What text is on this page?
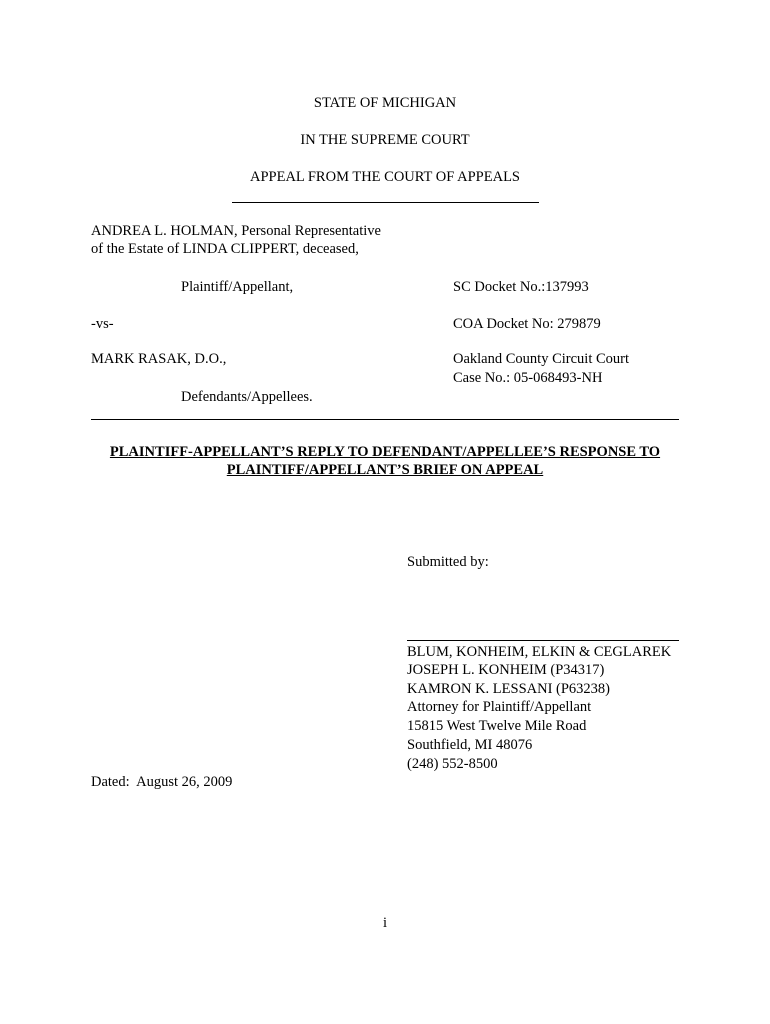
STATE OF MICHIGAN
IN THE SUPREME COURT
APPEAL FROM THE COURT OF APPEALS
ANDREA L. HOLMAN, Personal Representative
of the Estate of LINDA CLIPPERT, deceased,
Plaintiff/Appellant,	SC Docket No.:137993
-vs-	COA Docket No: 279879
MARK RASAK, D.O.,	Oakland County Circuit Court
Case No.: 05-068493-NH
Defendants/Appellees.
PLAINTIFF-APPELLANT’S REPLY TO DEFENDANT/APPELLEE’S RESPONSE TO
PLAINTIFF/APPELLANT’S BRIEF ON APPEAL
Submitted by:
BLUM, KONHEIM, ELKIN & CEGLAREK
JOSEPH L. KONHEIM (P34317)
KAMRON K. LESSANI (P63238)
Attorney for Plaintiff/Appellant
15815 West Twelve Mile Road
Southfield, MI 48076
(248) 552-8500
Dated:  August 26, 2009
i
